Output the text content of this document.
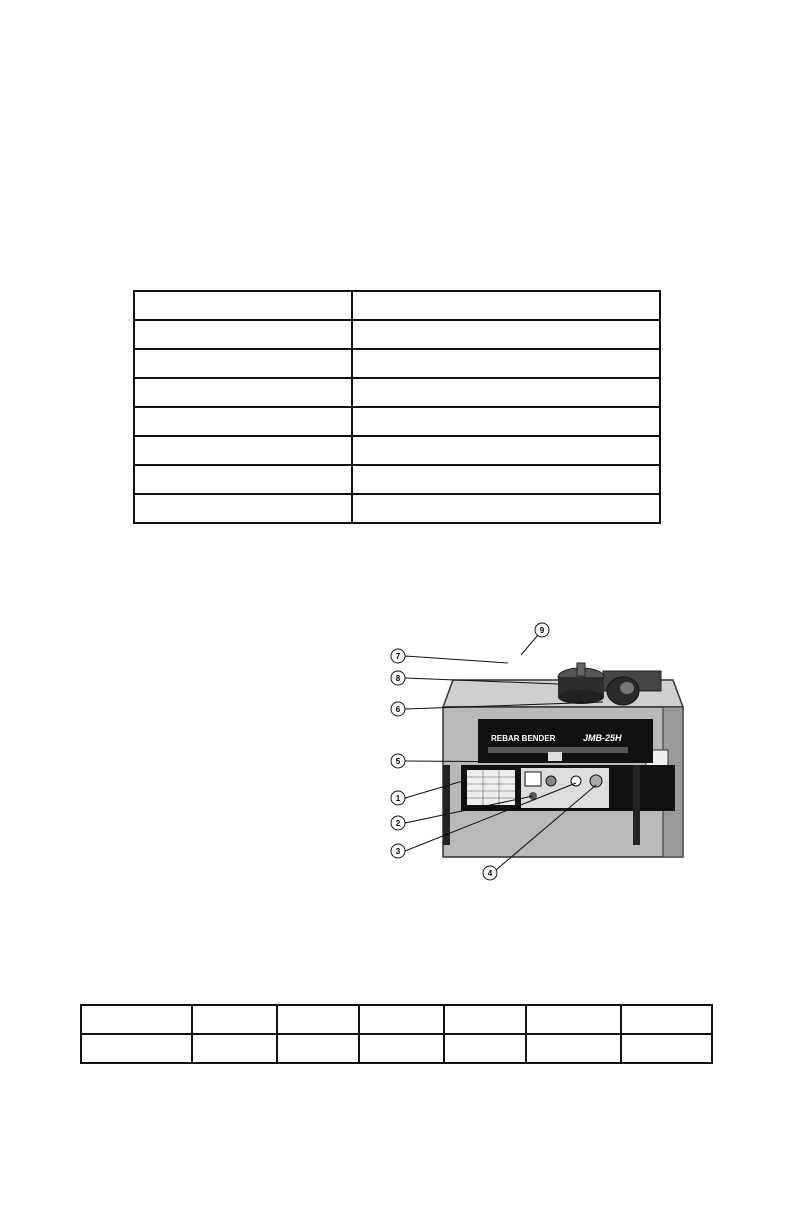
REBAR BENDER	JMB-25H
9
7
8
6
5
1
2
3
4
